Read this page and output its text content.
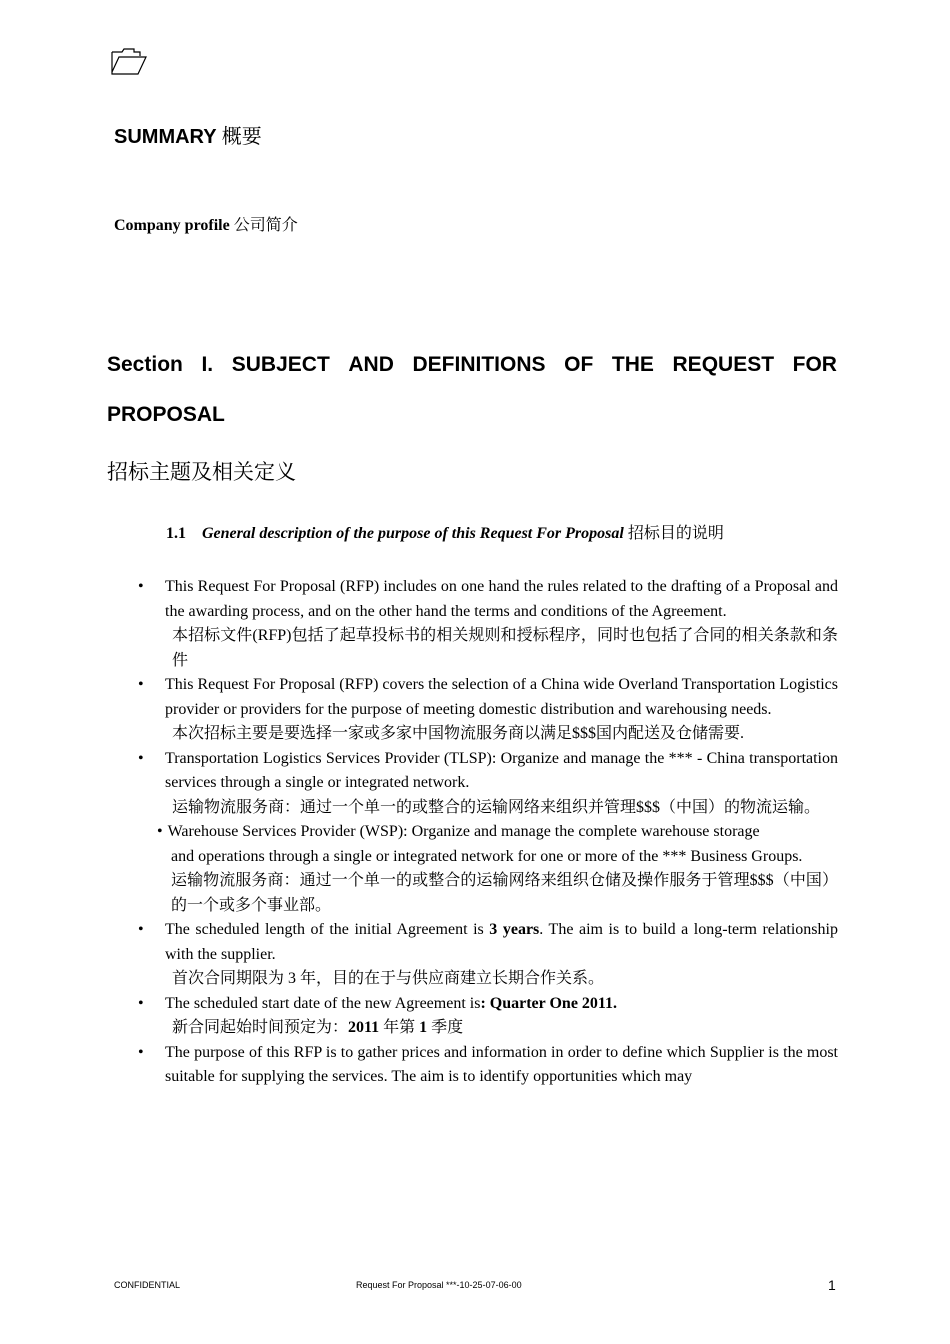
SUMMARY 概要
Company profile 公司简介
Section I. SUBJECT AND DEFINITIONS OF THE REQUEST FOR
PROPOSAL
招标主题及相关定义
1.1 General description of the purpose of this Request For Proposal 招标目的说明
• This Request For Proposal (RFP) includes on one hand the rules related to the drafting of a Proposal and the awarding process, and on the other hand the terms and conditions of the Agreement.
本招标文件(RFP)包括了起草投标书的相关规则和授标程序，同时也包括了合同的相关条款和条件
• This Request For Proposal (RFP) covers the selection of a China wide Overland Transportation Logistics provider or providers for the purpose of meeting domestic distribution and warehousing needs.
本次招标主要是要选择一家或多家中国物流服务商以满足$$$国内配送及仓储需要.
• Transportation Logistics Services Provider (TLSP): Organize and manage the *** - China transportation services through a single or integrated network.
运输物流服务商：通过一个单一的或整合的运输网络来组织并管理$$$（中国）的物流运输。
• Warehouse Services Provider (WSP): Organize and manage the complete warehouse storage
and operations through a single or integrated network for one or more of the *** Business Groups.
运输物流服务商：通过一个单一的或整合的运输网络来组织仓储及操作服务于管理$$$（中国）的一个或多个事业部。
• The scheduled length of the initial Agreement is 3 years. The aim is to build a long-term relationship with the supplier.
首次合同期限为 3 年，目的在于与供应商建立长期合作关系。
• The scheduled start date of the new Agreement is: Quarter One 2011.
新合同起始时间预定为：2011 年第 1 季度
• The purpose of this RFP is to gather prices and information in order to define which Supplier is the most suitable for supplying the services. The aim is to identify opportunities which may
CONFIDENTIAL	Request For Proposal ***-10-25-07-06-00	1
